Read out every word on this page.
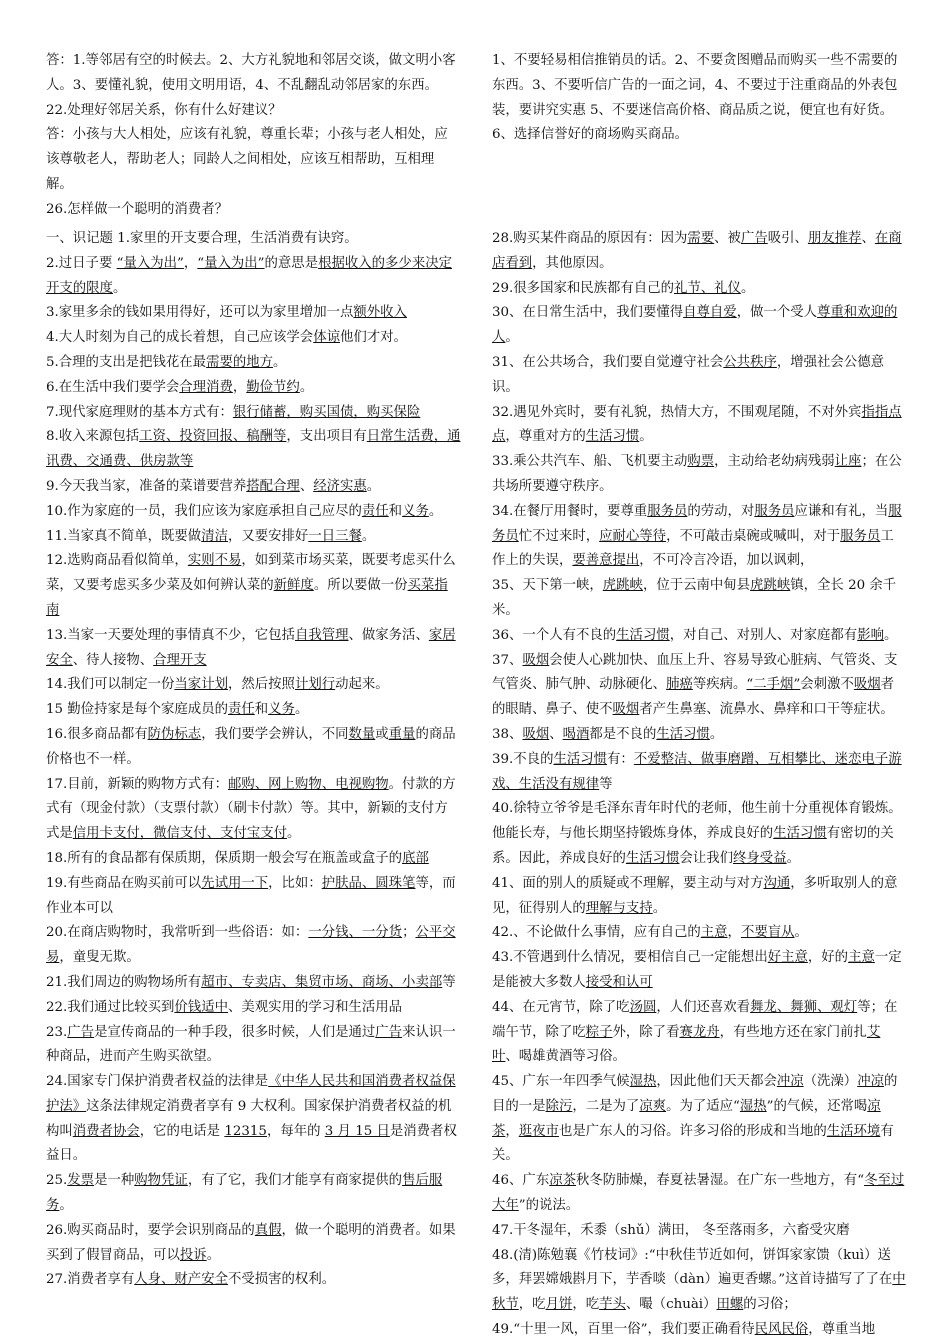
答：1.等邻居有空的时候去。2、大方礼貌地和邻居交谈，做文明小客人。3、要懂礼貌，使用文明用语，4、不乱翻乱动邻居家的东西。

22.处理好邻居关系，你有什么好建议？

答：小孩与大人相处，应该有礼貌，尊重长辈；小孩与老人相处，应该尊敬老人，帮助老人；同龄人之间相处，应该互相帮助，互相理解。

26.怎样做一个聪明的消费者？

1、不要轻易相信推销员的话。2、不要贪图赠品而购买一些不需要的东西。3、不要听信广告的一面之词，4、不要过于注重商品的外表包装，要讲究实惠 5、不要迷信高价格、商品质之说，便宜也有好货。6、选择信誉好的商场购买商品。

一、识记题 1.家里的开支要合理，生活消费有诀窍。

2.过日子要 “量入为出”，“量入为出”的意思是根据收入的多少来决定开支的限度。

3.家里多余的钱如果用得好，还可以为家里增加一点额外收入

4.大人时刻为自己的成长着想，自己应该学会体谅他们才对。

5.合理的支出是把钱花在最需要的地方。

6.在生活中我们要学会合理消费，勤俭节约。

7.现代家庭理财的基本方式有：银行储蓄，购买国债，购买保险

8.收入来源包括工资、投资回报、稿酬等，支出项目有日常生活费，通讯费、交通费、供房款等

9.今天我当家，准备的菜谱要营养搭配合理、经济实惠。

10.作为家庭的一员，我们应该为家庭承担自己应尽的责任和义务。

11.当家真不简单，既要做清洁，又要安排好一日三餐。

12.选购商品看似简单，实则不易，如到菜市场买菜，既要考虑买什么菜，又要考虑买多少菜及如何辨认菜的新鲜度。所以要做一份买菜指南

13.当家一天要处理的事情真不少，它包括自我管理、做家务活、家居安全、待人接物、合理开支

14.我们可以制定一份当家计划，然后按照计划行动起来。

15 勤俭持家是每个家庭成员的责任和义务。

16.很多商品都有防伪标志，我们要学会辨认，不同数量或重量的商品价格也不一样。

17.目前，新颖的购物方式有：邮购、网上购物、电视购物。付款的方式有（现金付款）（支票付款）（刷卡付款）等。其中，新颖的支付方式是信用卡支付，微信支付、支付宝支付。

18.所有的食品都有保质期，保质期一般会写在瓶盖或盒子的底部

19.有些商品在购买前可以先试用一下，比如：护肤品、圆珠笔等，而作业本可以

20.在商店购物时，我常听到一些俗语：如：一分钱、一分货；公平交易，童叟无欺。

21.我们周边的购物场所有超市、专卖店、集贸市场、商场、小卖部等

22.我们通过比较买到价钱适中、美观实用的学习和生活用品

23.广告是宣传商品的一种手段，很多时候，人们是通过广告来认识一种商品，进而产生购买欲望。

24.国家专门保护消费者权益的法律是《中华人民共和国消费者权益保护法》这条法律规定消费者享有 9 大权利。国家保护消费者权益的机构叫消费者协会，它的电话是 12315，每年的 3 月 15 日是消费者权益日。

25.发票是一种购物凭证，有了它，我们才能享有商家提供的售后服务。

26.购买商品时，要学会识别商品的真假，做一个聪明的消费者。如果买到了假冒商品，可以投诉。

27.消费者享有人身、财产安全不受损害的权利。

28.购买某件商品的原因有：因为需要、被广告吸引、朋友推荐、在商店看到，其他原因。

29.很多国家和民族都有自己的礼节、礼仪。

30、在日常生活中，我们要懂得自尊自爱，做一个受人尊重和欢迎的人。

31、在公共场合，我们要自觉遵守社会公共秩序，增强社会公德意识。

32.遇见外宾时，要有礼貌，热情大方，不围观尾随，不对外宾指指点点，尊重对方的生活习惯。

33.乘公共汽车、船、飞机要主动购票，主动给老幼病残弱让座；在公共场所要遵守秩序。

34.在餐厅用餐时，要尊重服务员的劳动，对服务员应谦和有礼，当服务员忙不过来时，应耐心等待，不可敲击桌碗或喊叫，对于服务员工作上的失误，要善意提出，不可冷言冷语，加以讽刺，

35、天下第一峡，虎跳峡，位于云南中甸县虎跳峡镇，全长 20 余千米。

36、一个人有不良的生活习惯，对自己、对别人、对家庭都有影响。

37、吸烟会使人心跳加快、血压上升、容易导致心脏病、气管炎、支气管炎、肺气肿、动脉硬化、肺癌等疾病。“二手烟”会刺激不吸烟者的眼睛、鼻子、使不吸烟者产生鼻塞、流鼻水、鼻痒和口干等症状。

38、吸烟、喝酒都是不良的生活习惯。

39.不良的生活习惯有：不爱整洁、做事磨蹭、互相攀比、迷恋电子游戏、生活没有规律等

40.徐特立爷爷是毛泽东青年时代的老师，他生前十分重视体育锻炼。他能长寿，与他长期坚持锻炼身体，养成良好的生活习惯有密切的关系。因此，养成良好的生活习惯会让我们终身受益。

41、面的别人的质疑或不理解，要主动与对方沟通，多听取别人的意见，征得别人的理解与支持。

42.、不论做什么事情，应有自己的主意，不要盲从。

43.不管遇到什么情况，要相信自己一定能想出好主意，好的主意一定是能被大多数人接受和认可

44、在元宵节，除了吃汤圆，人们还喜欢看舞龙、舞狮、观灯等；在端午节，除了吃粽子外，除了看赛龙舟，有些地方还在家门前扎艾叶、喝雄黄酒等习俗。

45、广东一年四季气候湿热，因此他们天天都会冲凉（洗澡）冲凉的目的一是除污，二是为了凉爽。为了适应“湿热”的气候，还常喝凉茶，逛夜市也是广东人的习俗。许多习俗的形成和当地的生活环境有关。

46、广东凉茶秋冬防肺燥，春夏祛暑湿。在广东一些地方，有“冬至过大年”的说法。

47.干冬湿年，禾黍（shǔ）满田， 冬至落雨多，六畜受灾磨

48.(清)陈勉襄《竹枝词》:“中秋佳节近如何，饼饵家家馈（kuì）送多，拜罢嫦娥斟月下，芋香啖（dàn）遍更香螺。”这首诗描写了了在中秋节，吃月饼，吃芋头、嘬（chuài）田螺的习俗；

49.“十里一风，百里一俗”，我们要正确看待民风民俗，尊重当地
